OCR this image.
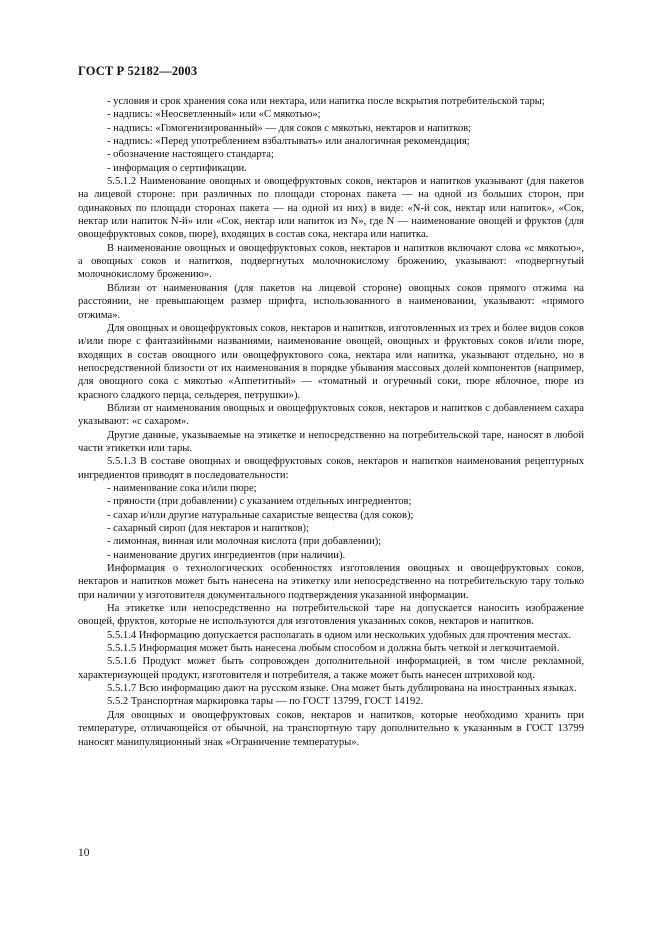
ГОСТ Р 52182—2003

- условия и срок хранения сока или нектара, или напитка после вскрытия потребительской тары;

- надпись: «Неосветленный» или «С мякотью»;

- надпись: «Гомогенизированный» — для соков с мякотью, нектаров и напитков;

- надпись: «Перед употреблением взбалтывать» или аналогичная рекомендация;

- обозначение настоящего стандарта;

- информация о сертификации.

5.5.1.2 Наименование овощных и овощефруктовых соков, нектаров и напитков указывают (для пакетов на лицевой стороне: при различных по площади сторонах пакета — на одной из больших сторон, при одинаковых по площади сторонах пакета — на одной из них) в виде: «N-й сок, нектар или напиток», «Сок, нектар или напиток N-й» или «Сок, нектар или напиток из N», где N — наименование овощей и фруктов (для овощефруктовых соков, пюре), входящих в состав сока, нектара или напитка.

В наименование овощных и овощефруктовых соков, нектаров и напитков включают слова «с мякотью», а овощных соков и напитков, подвергнутых молочнокислому брожению, указывают: «подвергнутый молочнокислому брожению».

Вблизи от наименования (для пакетов на лицевой стороне) овощных соков прямого отжима на расстоянии, не превышающем размер шрифта, использованного в наименовании, указывают: «прямого отжима».

Для овощных и овощефруктовых соков, нектаров и напитков, изготовленных из трех и более видов соков и/или пюре с фантазийными названиями, наименование овощей, овощных и фруктовых соков и/или пюре, входящих в состав овощного или овощефруктового сока, нектара или напитка, указывают отдельно, но в непосредственной близости от их наименования в порядке убывания массовых долей компонентов (например, для овощного сока с мякотью «Аппетитный» — «томатный и огуречный соки, пюре яблочное, пюре из красного сладкого перца, сельдерея, петрушки»).

Вблизи от наименования овощных и овощефруктовых соков, нектаров и напитков с добавлением сахара указывают: «с сахаром».

Другие данные, указываемые на этикетке и непосредственно на потребительской таре, наносят в любой части этикетки или тары.

5.5.1.3 В составе овощных и овощефруктовых соков, нектаров и напитков наименования рецептурных ингредиентов приводят в последовательности:

- наименование сока и/или пюре;

- пряности (при добавлении) с указанием отдельных ингредиентов;

- сахар и/или другие натуральные сахаристые вещества (для соков);

- сахарный сироп (для нектаров и напитков);

- лимонная, винная или молочная кислота (при добавлении);

- наименование других ингредиентов (при наличии).

Информация о технологических особенностях изготовления овощных и овощефруктовых соков, нектаров и напитков может быть нанесена на этикетку или непосредственно на потребительскую тару только при наличии у изготовителя документального подтверждения указанной информации.

На этикетке или непосредственно на потребительской таре на допускается наносить изображение овощей, фруктов, которые не используются для изготовления указанных соков, нектаров и напитков.

5.5.1.4 Информацию допускается располагать в одном или нескольких удобных для прочтения местах.

5.5.1.5 Информация может быть нанесена любым способом и должна быть четкой и легкочитаемой.

5.5.1.6 Продукт может быть сопровожден дополнительной информацией, в том числе рекламной, характеризующей продукт, изготовителя и потребителя, а также может быть нанесен штриховой код.

5.5.1.7 Всю информацию дают на русском языке. Она может быть дублирована на иностранных языках.

5.5.2 Транспортная маркировка тары — по ГОСТ 13799, ГОСТ 14192.

Для овощных и овощефруктовых соков, нектаров и напитков, которые необходимо хранить при температуре, отличающейся от обычной, на транспортную тару дополнительно к указанным в ГОСТ 13799 наносят манипуляционный знак «Ограничение температуры».

10
